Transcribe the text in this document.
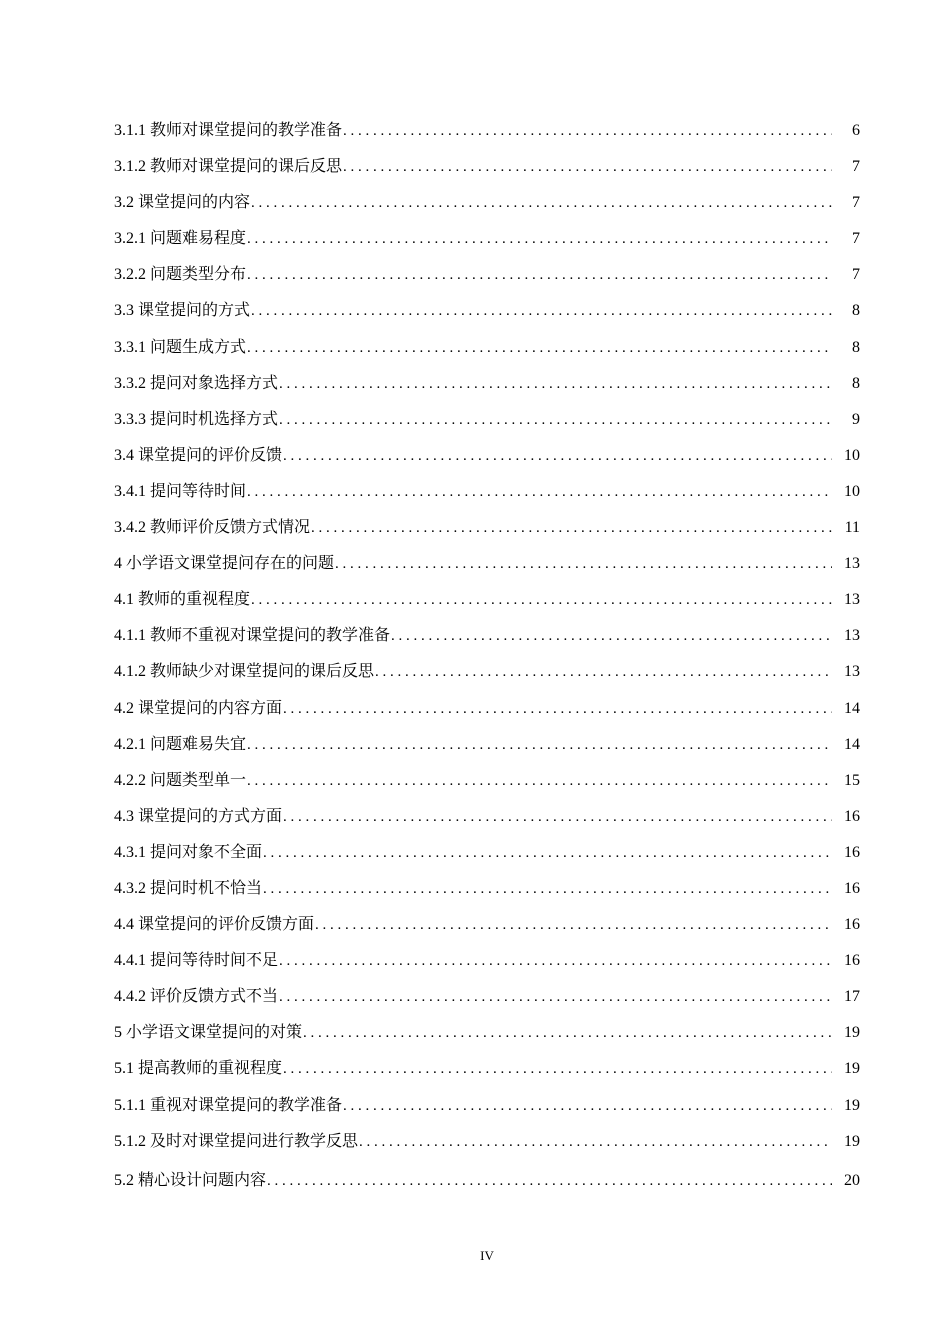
3.1.1 教师对课堂提问的教学准备 . . .	6
3.1.2 教师对课堂提问的课后反思 . . .	7
3.2 课堂提问的内容 . . .	7
3.2.1 问题难易程度 . . .	7
3.2.2 问题类型分布 . . .	7
3.3 课堂提问的方式 . . .	8
3.3.1 问题生成方式 . . .	8
3.3.2 提问对象选择方式 . . .	8
3.3.3 提问时机选择方式 . . .	9
3.4 课堂提问的评价反馈 . . .	10
3.4.1 提问等待时间 . . .	10
3.4.2 教师评价反馈方式情况 . . .	11
4 小学语文课堂提问存在的问题 . . .	13
4.1 教师的重视程度 . . .	13
4.1.1 教师不重视对课堂提问的教学准备 . . .	13
4.1.2 教师缺少对课堂提问的课后反思 . . .	13
4.2 课堂提问的内容方面 . . .	14
4.2.1 问题难易失宜 . . .	14
4.2.2 问题类型单一 . . .	15
4.3 课堂提问的方式方面 . . .	16
4.3.1 提问对象不全面 . . .	16
4.3.2 提问时机不恰当 . . .	16
4.4 课堂提问的评价反馈方面 . . .	16
4.4.1 提问等待时间不足 . . .	16
4.4.2 评价反馈方式不当 . . .	17
5 小学语文课堂提问的对策 . . .	19
5.1 提高教师的重视程度 . . .	19
5.1.1 重视对课堂提问的教学准备 . . .	19
5.1.2 及时对课堂提问进行教学反思 . . .	19
5.2 精心设计问题内容 . . .	20
IV
